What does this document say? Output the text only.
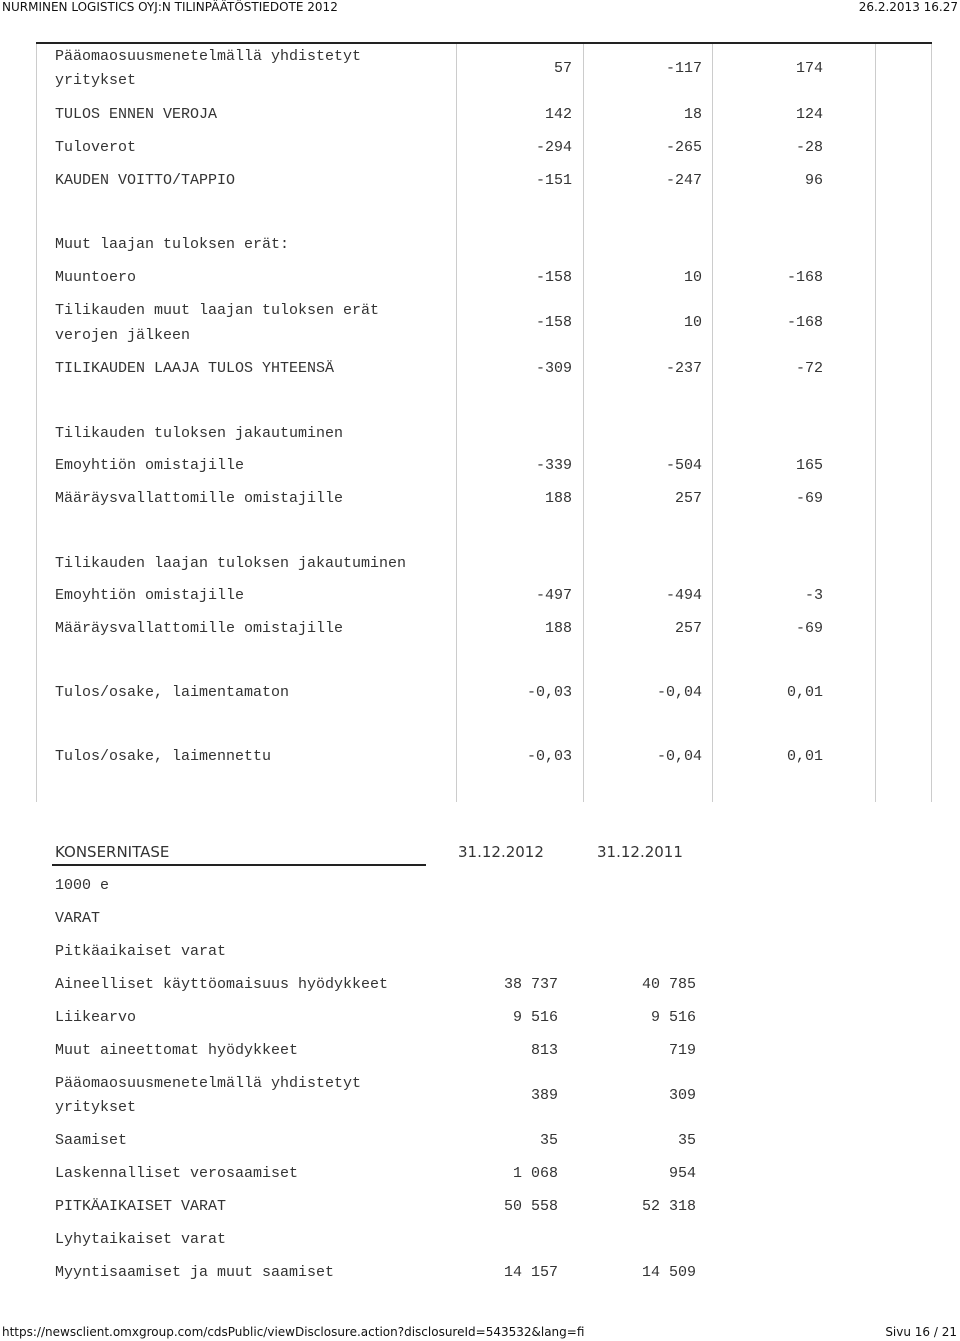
NURMINEN LOGISTICS OYJ:N TILINPÄÄTÖSTIEDOTE 2012	26.2.2013 16.27
Pääomaosuusmenetelmällä yhdistetyt
yritykset
57	-117	174
TULOS ENNEN VEROJA	142	18	124
Tuloverot	-294	-265	-28
KAUDEN VOITTO/TAPPIO	-151	-247	96
Muut laajan tuloksen erät:
Muuntoero	-158	10	-168
Tilikauden muut laajan tuloksen erät
verojen jälkeen
-158	10	-168
TILIKAUDEN LAAJA TULOS YHTEENSÄ	-309	-237	-72
Tilikauden tuloksen jakautuminen
Emoyhtiön omistajille	-339	-504	165
Määräysvallattomille omistajille	188	257	-69
Tilikauden laajan tuloksen jakautuminen
Emoyhtiön omistajille	-497	-494	-3
Määräysvallattomille omistajille	188	257	-69
Tulos/osake, laimentamaton	-0,03	-0,04	0,01
Tulos/osake, laimennettu	-0,03	-0,04	0,01
KONSERNITASE	31.12.2012	31.12.2011
1000 e
VARAT
Pitkäaikaiset varat
Aineelliset käyttöomaisuus hyödykkeet	38 737	40 785
Liikearvo	9 516	9 516
Muut aineettomat hyödykkeet	813	719
Pääomaosuusmenetelmällä yhdistetyt
yritykset
389	309
Saamiset	35	35
Laskennalliset verosaamiset	1 068	954
PITKÄAIKAISET VARAT	50 558	52 318
Lyhytaikaiset varat
Myyntisaamiset ja muut saamiset	14 157	14 509
https://newsclient.omxgroup.com/cdsPublic/viewDisclosure.action?disclosureId=543532&lang=fi	Sivu 16 / 21
